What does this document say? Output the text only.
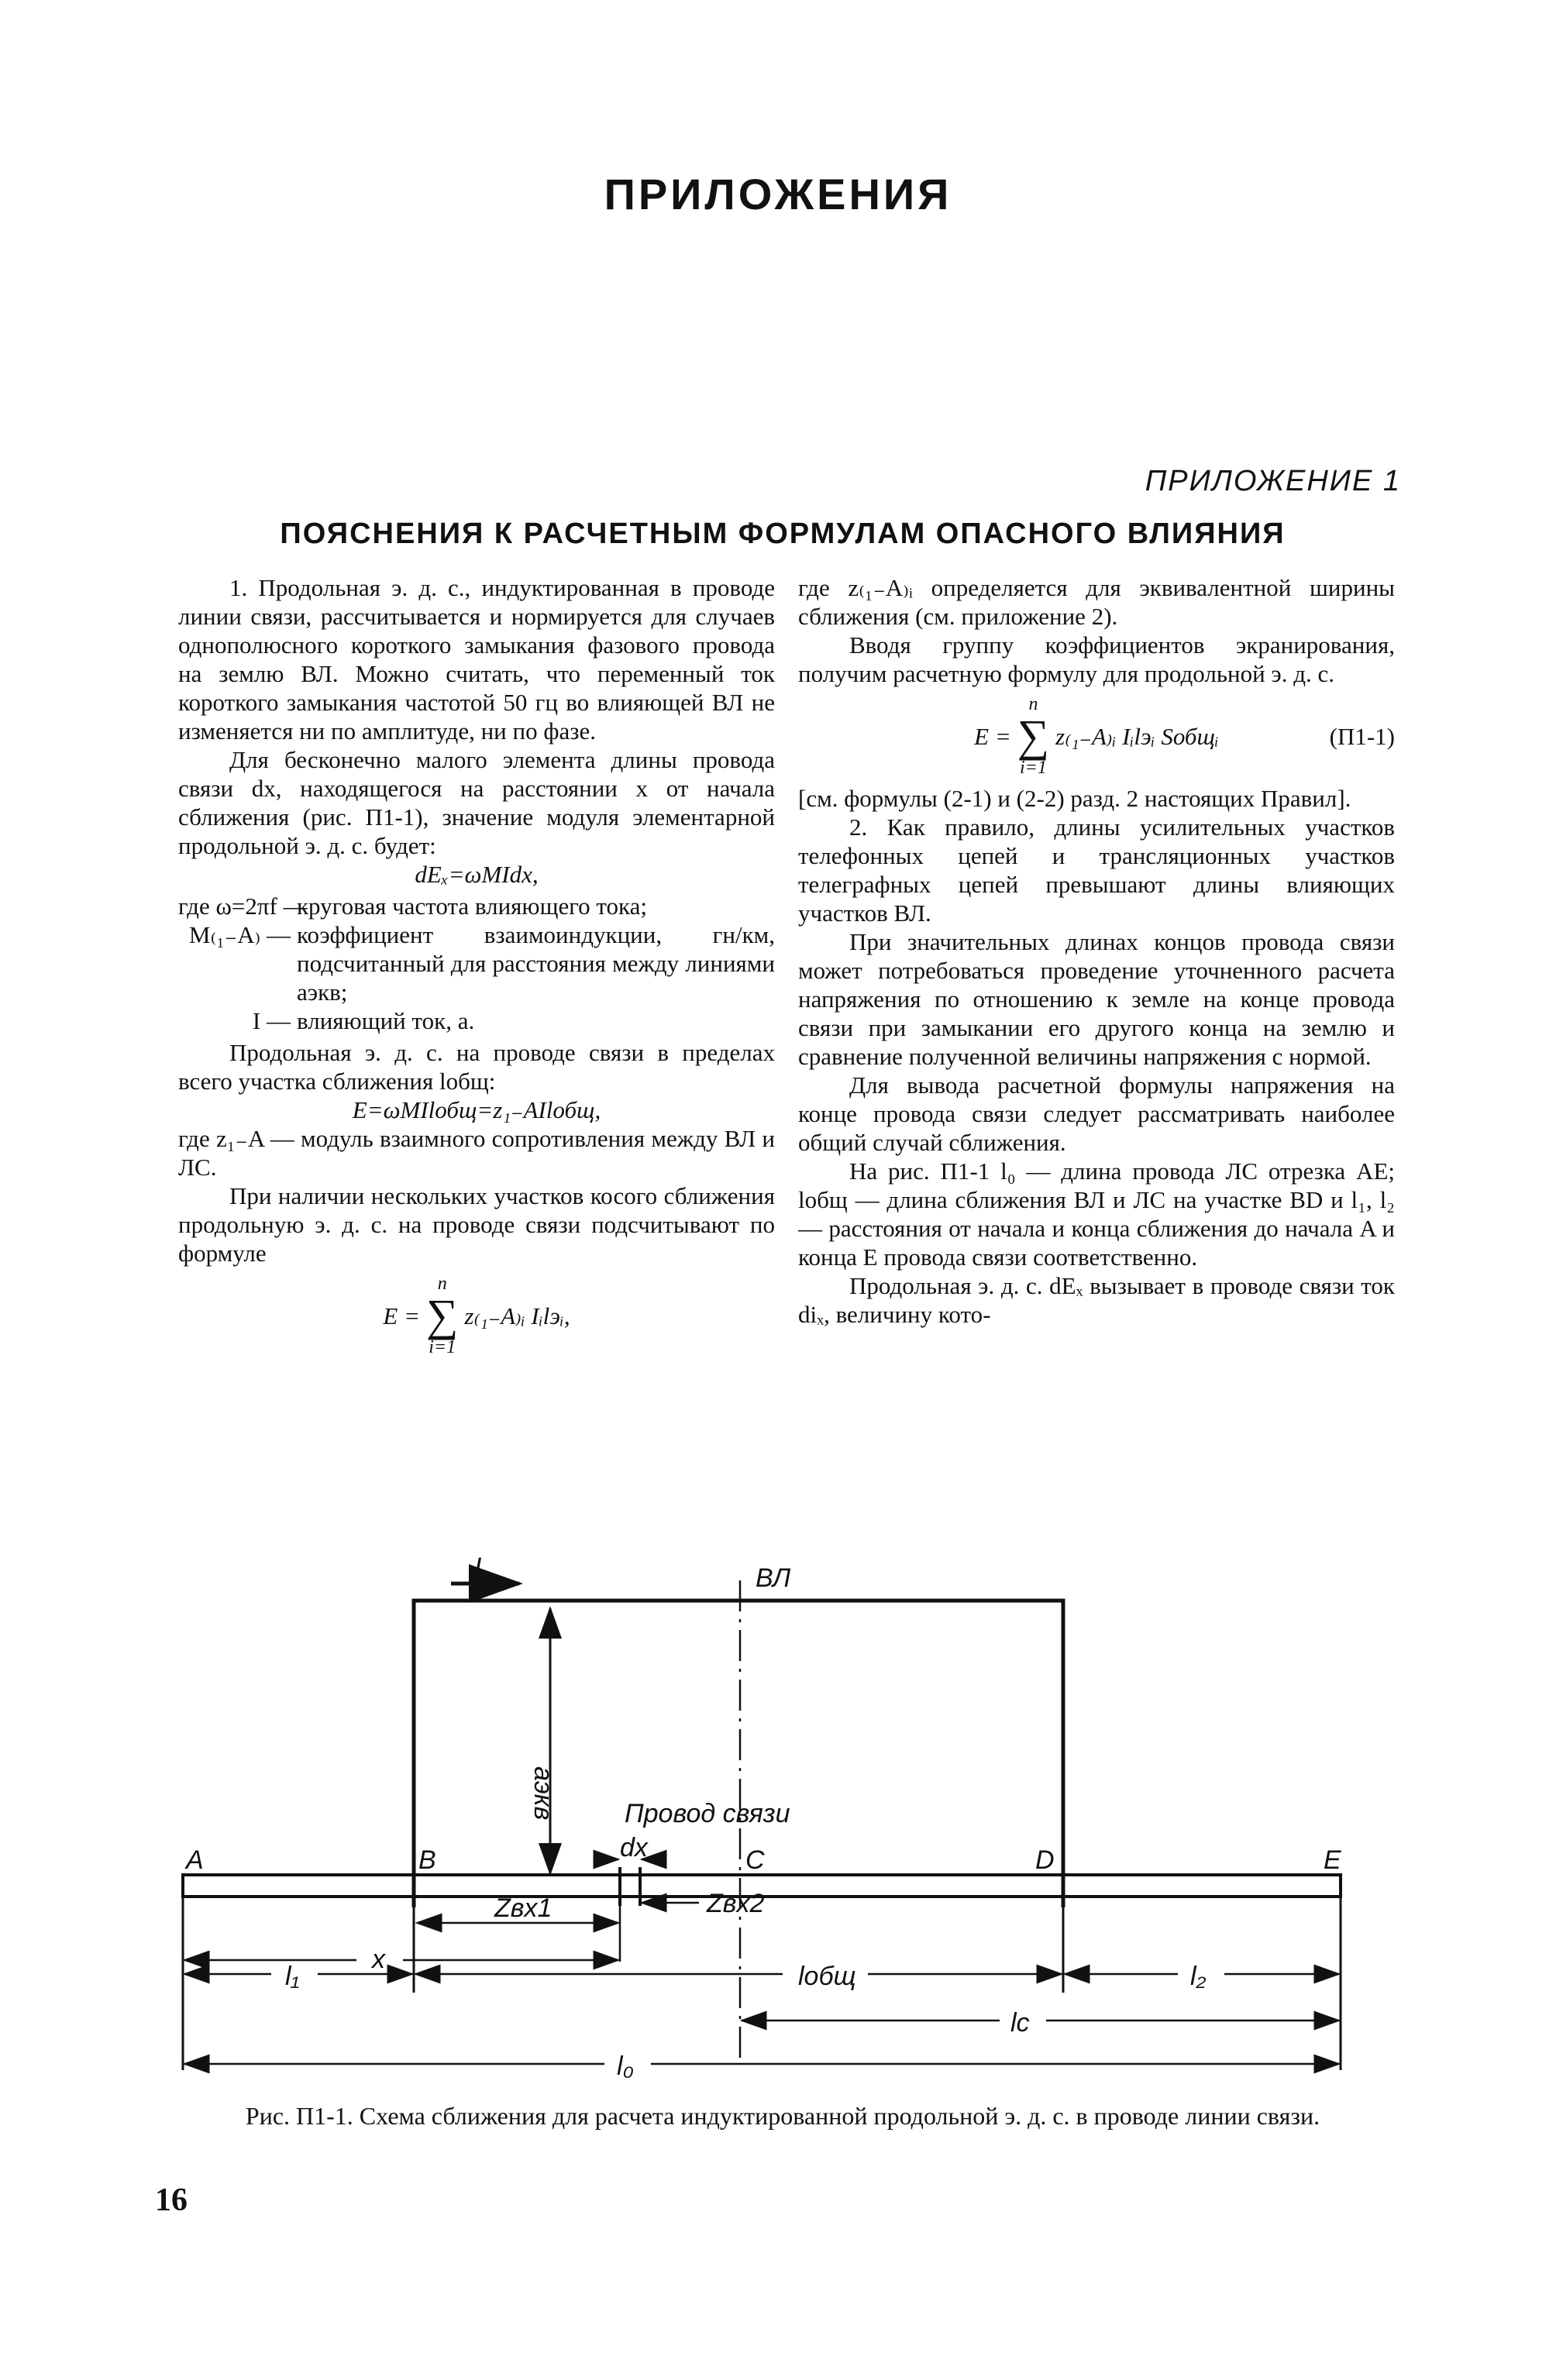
ПРИЛОЖЕНИЯ
ПРИЛОЖЕНИЕ 1
ПОЯСНЕНИЯ К РАСЧЕТНЫМ ФОРМУЛАМ ОПАСНОГО ВЛИЯНИЯ

1. Продольная э. д. с., индуктированная в проводе линии связи, рассчитывается и нормируется для случаев однополюсного короткого замыкания фазового провода на землю ВЛ. Можно считать, что переменный ток короткого замыкания частотой 50 гц во влияющей ВЛ не изменяется ни по амплитуде, ни по фазе.

Для бесконечно малого элемента длины провода связи dx, находящегося на расстоянии x от начала сближения (рис. П1-1), значение модуля элементарной продольной э. д. с. будет:

dEₓ=ωMIdx,

где ω=2πf —
круговая частота влияющего тока;
M₍₁₋A₎ — коэффициент взаимоиндукции, гн/км, подсчитанный для расстояния между линиями aэкв;
I — влияющий ток, а.

Продольная э. д. с. на проводе связи в пределах всего участка сближения lобщ:

E=ωMIlобщ=z₁₋AIlобщ,

где z₁₋A — модуль взаимного сопротивления между ВЛ и ЛС.

При наличии нескольких участков косого сближения продольную э. д. с. на проводе связи подсчитывают по формуле

E =
n
∑
i=1
z₍₁₋A₎ᵢ Iᵢlэᵢ,

где z₍₁₋A₎ᵢ определяется для эквивалентной ширины сближения (см. приложение 2).

Вводя группу коэффициентов экранирования, получим расчетную формулу для продольной э. д. с.

E =
n
∑
i=1
z₍₁₋A₎ᵢ Iᵢlэᵢ Sобщᵢ	(П1-1)

[см. формулы (2-1) и (2-2) разд. 2 настоящих Правил].

2. Как правило, длины усилительных участков телефонных цепей и трансляционных участков телеграфных цепей превышают длины влияющих участков ВЛ.

При значительных длинах концов провода связи может потребоваться проведение уточненного расчета напряжения по отношению к земле на конце провода связи при замыкании его другого конца на землю и сравнение полученной величины напряжения с нормой.

Для вывода расчетной формулы напряжения на конце провода связи следует рассматривать наиболее общий случай сближения.

На рис. П1-1 l₀ — длина провода ЛС отрезка AE; lобщ — длина сближения ВЛ и ЛС на участке BD и l₁, l₂ — расстояния от начала и конца сближения до начала A и конца E провода связи соответственно.

Продольная э. д. с. dEₓ вызывает в проводе связи ток diₓ, величину кото-

I	ВЛ
aэкв	Провод связи
A	B	dx	C	D	E
Zвх1	Zвх2
x
l₁	lобщ	l₂
lc
l₀
Рис. П1-1. Схема сближения для расчета индуктированной продольной э. д. с. в проводе линии связи.
16
